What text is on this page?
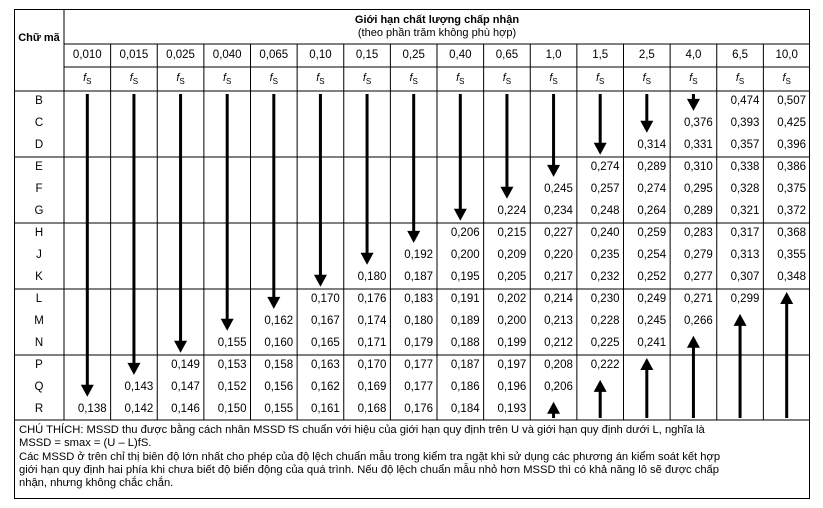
Chữ mã
Giới hạn chất lượng chấp nhận
(theo phần trăm không phù hợp)
0,010
$f_S$
0,015
$f_S$
0,025
$f_S$
0,040
$f_S$
0,065
$f_S$
0,10
$f_S$
0,15
$f_S$
0,25
$f_S$
0,40
$f_S$
0,65
$f_S$
1,0
$f_S$
1,5
$f_S$
2,5
$f_S$
4,0
$f_S$
6,5
$f_S$
10,0
$f_S$
B
C
D
E
F
G
H
J
K
L
M
N
P
Q
R	0,138
0,143
0,142
0,149
0,147
0,146
0,155
0,153
0,152
0,150
0,162
0,160
0,158
0,156
0,155
0,170
0,167
0,165
0,163
0,162
0,161
0,180
0,176
0,174
0,171
0,170
0,169
0,168
0,192
0,187
0,183
0,180
0,179
0,177
0,177
0,176
0,206
0,200
0,195
0,191
0,189
0,188
0,187
0,186
0,184
0,224
0,215
0,209
0,205
0,202
0,200
0,199
0,197
0,196
0,193
0,245
0,234
0,227
0,220
0,217
0,214
0,213
0,212
0,208
0,206
0,274
0,257
0,248
0,240
0,235
0,232
0,230
0,228
0,225
0,222
0,314
0,289
0,274
0,264
0,259
0,254
0,252
0,249
0,245
0,241
0,376
0,331
0,310
0,295
0,289
0,283
0,279
0,277
0,271
0,266
0,474
0,393
0,357
0,338
0,328
0,321
0,317
0,313
0,307
0,299
0,507
0,425
0,396
0,386
0,375
0,372
0,368
0,355
0,348
CHÚ THÍCH: MSSD thu được bằng cách nhân MSSD fS chuẩn với hiệu của giới hạn quy định trên U và giới hạn quy định dưới L, nghĩa là
MSSD = smax = (U – L)fS.
Các MSSD ở trên chỉ thị biên độ lớn nhất cho phép của độ lệch chuẩn mẫu trong kiểm tra ngặt khi sử dụng các phương án kiểm soát kết hợp
giới hạn quy định hai phía khi chưa biết độ biến động của quá trình. Nếu độ lệch chuẩn mẫu nhỏ hơn MSSD thì có khả năng lô sẽ được chấp
nhận, nhưng không chắc chắn.
